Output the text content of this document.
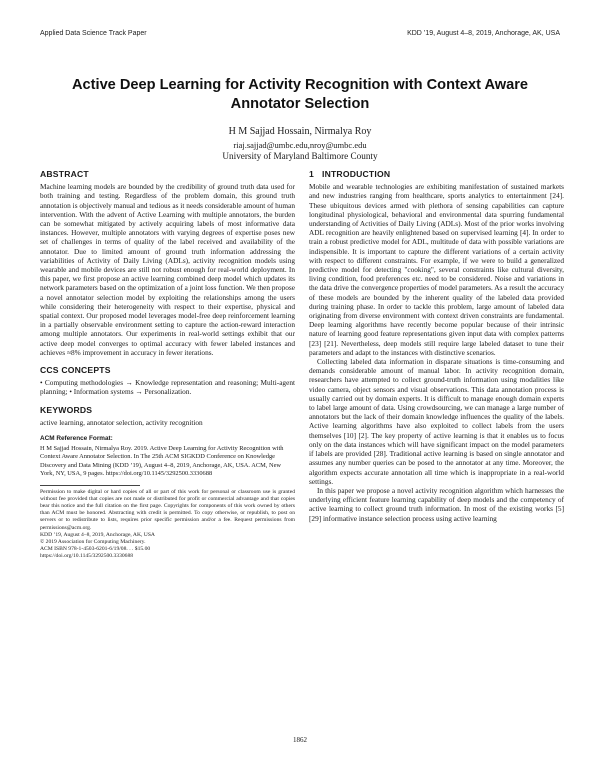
Applied Data Science Track Paper	KDD ’19, August 4–8, 2019, Anchorage, AK, USA
Active Deep Learning for Activity Recognition with Context Aware Annotator Selection
H M Sajjad Hossain, Nirmalya Roy
riaj.sajjad@umbc.edu,nroy@umbc.edu
University of Maryland Baltimore County
ABSTRACT

Machine learning models are bounded by the credibility of ground truth data used for both training and testing. Regardless of the problem domain, this ground truth annotation is objectively manual and tedious as it needs considerable amount of human intervention. With the advent of Active Learning with multiple annotators, the burden can be somewhat mitigated by actively acquiring labels of most informative data instances. However, multiple annotators with varying degrees of expertise poses new set of challenges in terms of quality of the label received and availability of the annotator. Due to limited amount of ground truth information addressing the variabilities of Activity of Daily Living (ADLs), activity recognition models using wearable and mobile devices are still not robust enough for real-world deployment. In this paper, we first propose an active learning combined deep model which updates its network parameters based on the optimization of a joint loss function. We then propose a novel annotator selection model by exploiting the relationships among the users while considering their heterogeneity with respect to their expertise, physical and spatial context. Our proposed model leverages model-free deep reinforcement learning in a partially observable environment setting to capture the action-reward interaction among multiple annotators. Our experiments in real-world settings exhibit that our active deep model converges to optimal accuracy with fewer labeled instances and achieves ≈8% improvement in accuracy in fewer iterations.

CCS CONCEPTS

• Computing methodologies → Knowledge representation and reasoning; Multi-agent planning; • Information systems → Personalization.

KEYWORDS

active learning, annotator selection, activity recognition

ACM Reference Format:

H M Sajjad Hossain, Nirmalya Roy. 2019. Active Deep Learning for Activity Recognition with Context Aware Annotator Selection. In The 25th ACM SIGKDD Conference on Knowledge Discovery and Data Mining (KDD ’19), August 4–8, 2019, Anchorage, AK, USA. ACM, New York, NY, USA, 9 pages. https://doi.org/10.1145/3292500.3330688

Permission to make digital or hard copies of all or part of this work for personal or classroom use is granted without fee provided that copies are not made or distributed for profit or commercial advantage and that copies bear this notice and the full citation on the first page. Copyrights for components of this work owned by others than ACM must be honored. Abstracting with credit is permitted. To copy otherwise, or republish, to post on servers or to redistribute to lists, requires prior specific permission and/or a fee. Request permissions from permissions@acm.org.

KDD ’19, August 4–8, 2019, Anchorage, AK, USA

© 2019 Association for Computing Machinery.

ACM ISBN 978-1-4503-6201-6/19/08. . . $15.00

https://doi.org/10.1145/3292500.3330688

1 INTRODUCTION

Mobile and wearable technologies are exhibiting manifestation of sustained markets and new industries ranging from healthcare, sports analytics to entertainment [24]. These ubiquitous devices armed with plethora of sensing capabilities can capture longitudinal physiological, behavioral and environmental data spurring fundamental understanding of Activities of Daily Living (ADLs). Most of the prior works involving ADL recognition are heavily enlightened based on supervised learning [4]. In order to train a robust predictive model for ADL, multitude of data with possible variations are indispensible. It is important to capture the different variations of a certain activity with respect to different constraints. For example, if we were to build a generalized predictive model for detecting "cooking", several constraints like cultural diversity, living condition, food preferences etc. need to be considered. Noise and variations in the data drive the convergence properties of model parameters. As a result the accuracy of these models are bounded by the inherent quality of the labeled data provided during training phase. In order to tackle this problem, large amount of labeled data originating from diverse environment with context driven constraints are fundamental. Deep learning algorithms have recently become popular because of their intrinsic nature of learning good feature representations given input data with complex patterns [23] [21]. Nevertheless, deep models still require large labeled dataset to tune their parameters and adapt to the instances with distinctive scenarios.

Collecting labeled data information in disparate situations is time-consuming and demands considerable amount of manual labor. In activity recognition domain, researchers have attempted to collect ground-truth information using modalities like video camera, object sensors and visual observations. This data annotation process is usually carried out by domain experts. It is difficult to manage enough domain experts to label large amount of data. Using crowdsourcing, we can manage a large number of annotators but the lack of their domain knowledge influences the quality of the labels. Active learning algorithms have also exploited to collect labels from the users themselves [10] [2]. The key property of active learning is that it enables us to focus only on the data instances which will have significant impact on the model parameters if labels are provided [28]. Traditional active learning is based on single annotator and assumes any number queries can be posed to the annotator at any time. Moreover, the algorithm expects accurate annotation all time which is inappropriate in a real-world settings.

In this paper we propose a novel activity recognition algorithm which harnesses the underlying efficient feature learning capability of deep models and the competency of active learning to collect ground truth information. In most of the existing works [5] [29] informative instance selection process using active learning

1862
